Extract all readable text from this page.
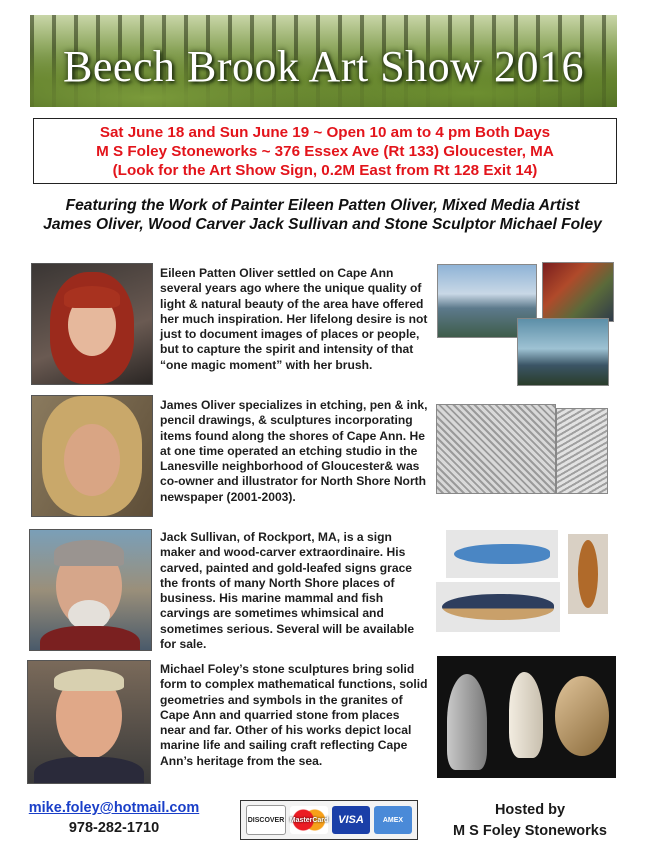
Beech Brook Art Show 2016
Sat June 18 and Sun June 19 ~ Open 10 am to 4 pm Both Days
M S Foley Stoneworks ~ 376 Essex Ave (Rt 133) Gloucester, MA
(Look for the Art Show Sign, 0.2M East from Rt 128 Exit 14)
Featuring the Work of Painter Eileen Patten Oliver, Mixed Media Artist
James Oliver, Wood Carver Jack Sullivan and Stone Sculptor Michael Foley
Eileen Patten Oliver settled on Cape Ann several years ago where the unique quality of light & natural beauty of the area have offered her much inspiration. Her lifelong desire is not just to document images of places or people, but to capture the spirit and intensity of that “one magic moment” with her brush.
James Oliver specializes in etching, pen & ink, pencil drawings, & sculptures incorporating items found along the shores of Cape Ann. He at one time operated an etching studio in the Lanesville neighborhood of Gloucester& was co-owner and illustrator for North Shore North newspaper (2001-2003).
Jack Sullivan, of Rockport, MA, is a sign maker and wood-carver extraordinaire. His carved, painted and gold-leafed signs grace the fronts of many North Shore places of business. His marine mammal and fish carvings are sometimes whimsical and sometimes serious. Several will be available for sale.
Michael Foley’s stone sculptures bring solid form to complex mathematical functions, solid geometries and symbols in the granites of Cape Ann and quarried stone from places near and far. Other of his works depict local marine life and sailing craft reflecting Cape Ann’s heritage from the sea.
mike.foley@hotmail.com
978-282-1710	DISCOVER MasterCard VISA	AMEX
Hosted by
M S Foley Stoneworks
